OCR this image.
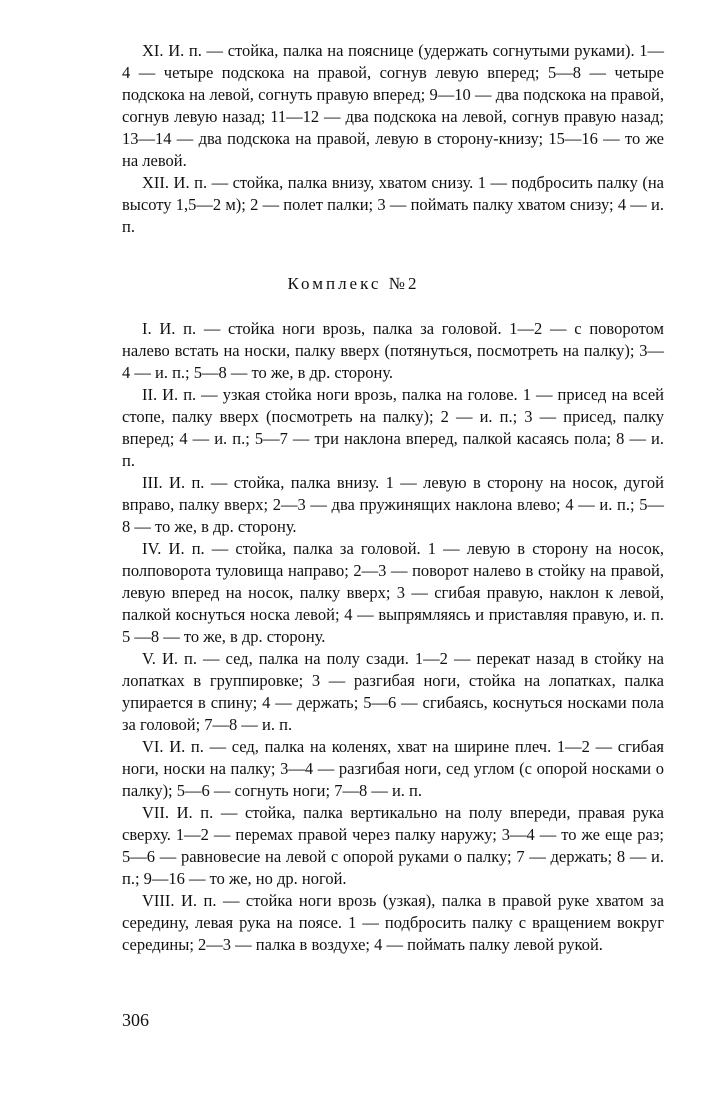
XI. И. п. — стойка, палка на пояснице (удержать согнутыми руками). 1—4 — четыре подскока на правой, согнув левую вперед; 5—8 — четыре подскока на левой, согнуть правую вперед; 9—10 — два подскока на правой, согнув левую назад; 11—12 — два подскока на левой, согнув правую назад; 13—14 — два подскока на правой, левую в сторону-книзу; 15—16 — то же на левой.

XII. И. п. — стойка, палка внизу, хватом снизу. 1 — подбросить палку (на высоту 1,5—2 м); 2 — полет палки; 3 — поймать палку хватом снизу; 4 — и. п.

Комплекс №2

I. И. п. — стойка ноги врозь, палка за головой. 1—2 — с поворотом налево встать на носки, палку вверх (потянуться, посмотреть на палку); 3—4 — и. п.; 5—8 — то же, в др. сторону.

II. И. п. — узкая стойка ноги врозь, палка на голове. 1 — присед на всей стопе, палку вверх (посмотреть на палку); 2 — и. п.; 3 — присед, палку вперед; 4 — и. п.; 5—7 — три наклона вперед, палкой касаясь пола; 8 — и. п.

III. И. п. — стойка, палка внизу. 1 — левую в сторону на носок, дугой вправо, палку вверх; 2—3 — два пружинящих наклона влево; 4 — и. п.; 5—8 — то же, в др. сторону.

IV. И. п. — стойка, палка за головой. 1 — левую в сторону на носок, полповорота туловища направо; 2—3 — поворот налево в стойку на правой, левую вперед на носок, палку вверх; 3 — сгибая правую, наклон к левой, палкой коснуться носка левой; 4 — выпрямляясь и приставляя правую, и. п. 5 —8 — то же, в др. сторону.

V. И. п. — сед, палка на полу сзади. 1—2 — перекат назад в стойку на лопатках в группировке; 3 — разгибая ноги, стойка на лопатках, палка упирается в спину; 4 — держать; 5—6 — сгибаясь, коснуться носками пола за головой; 7—8 — и. п.

VI. И. п. — сед, палка на коленях, хват на ширине плеч. 1—2 — сгибая ноги, носки на палку; 3—4 — разгибая ноги, сед углом (с опорой носками о палку); 5—6 — согнуть ноги; 7—8 — и. п.

VII. И. п. — стойка, палка вертикально на полу впереди, правая рука сверху. 1—2 — перемах правой через палку наружу; 3—4 — то же еще раз; 5—6 — равновесие на левой с опорой руками о палку; 7 — держать; 8 — и. п.; 9—16 — то же, но др. ногой.

VIII. И. п. — стойка ноги врозь (узкая), палка в правой руке хватом за середину, левая рука на поясе. 1 — подбросить палку с вращением вокруг середины; 2—3 — палка в воздухе; 4 — поймать палку левой рукой.

306
